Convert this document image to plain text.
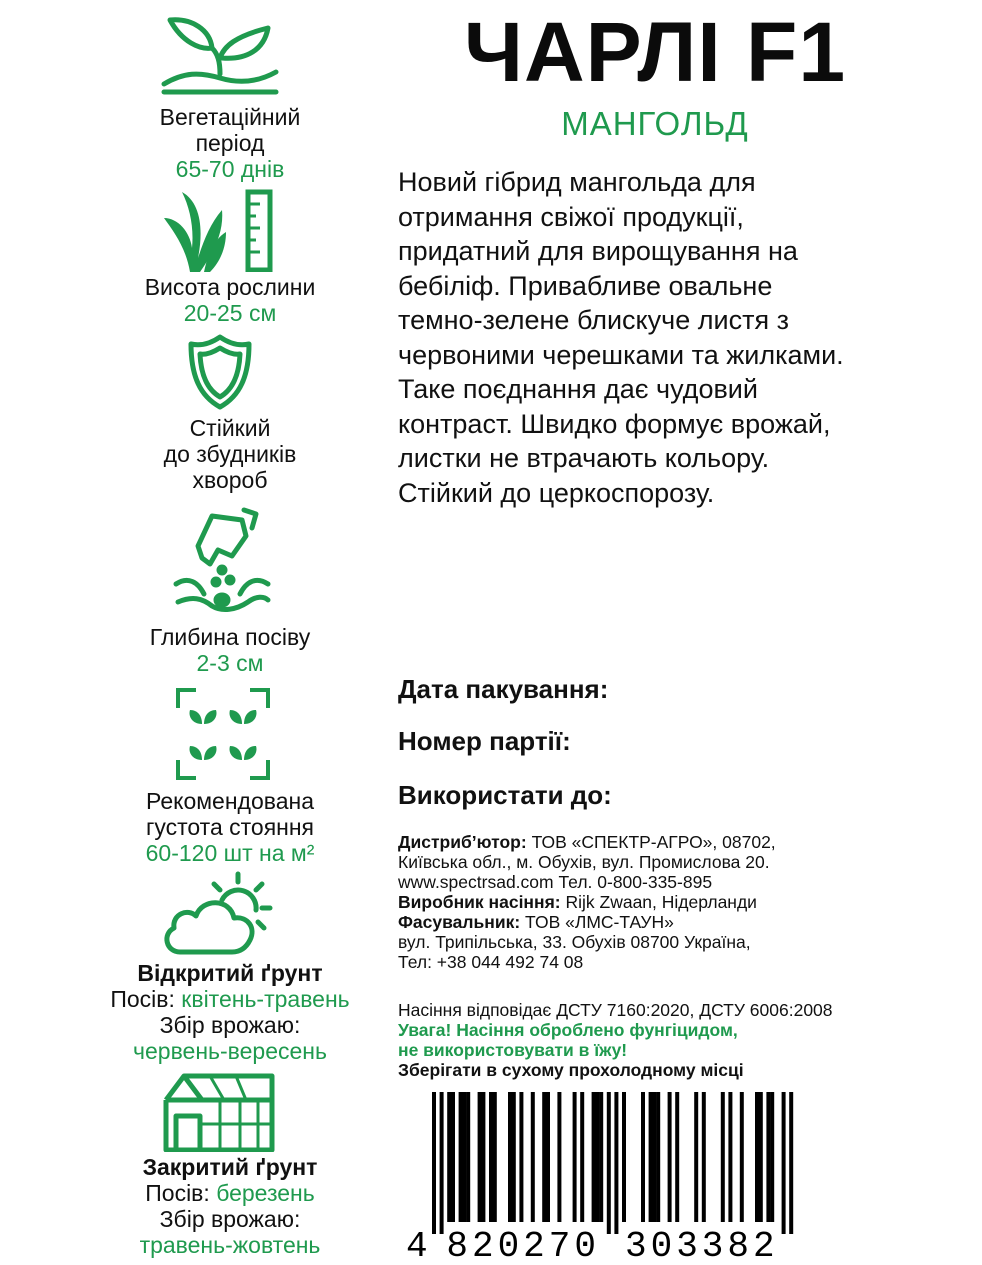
Вегетаційний
період
65-70 днів
Висота рослини
20-25 см
Стійкий
до збудників
хвороб
Глибина посіву
2-3 см
Рекомендована
густота стояння
60-120 шт на м²
Відкритий ґрунт
Посів: квітень-травень
Збір врожаю:
червень-вересень
Закритий ґрунт
Посів: березень
Збір врожаю:
травень-жовтень
ЧАРЛІ F1
МАНГОЛЬД
Новий гібрид мангольда для
отримання свіжої продукції,
придатний для вирощування на
бебіліф. Привабливе овальне
темно-зелене блискуче листя з
червоними черешками та жилками.
Таке поєднання дає чудовий
контраст. Швидко формує врожай,
листки не втрачають кольору.
Стійкий до церкоспорозу.
Дата пакування:
Номер партії:
Використати до:
Дистриб’ютор: ТОВ «СПЕКТР-АГРО», 08702,
Київська обл., м. Обухів, вул. Промислова 20.
www.spectrsad.com Тел. 0-800-335-895
Виробник насіння: Rijk Zwaan, Нідерланди
Фасувальник: ТОВ «ЛМС-ТАУН»
вул. Трипільська, 33. Обухів 08700 Україна,
Тел: +38 044 492 74 08
Насіння відповідає ДСТУ 7160:2020, ДСТУ 6006:2008
Увага! Насіння оброблено фунгіцидом,
не використовувати в їжу!
Зберігати в сухому прохолодному місці
4 820270 303382
